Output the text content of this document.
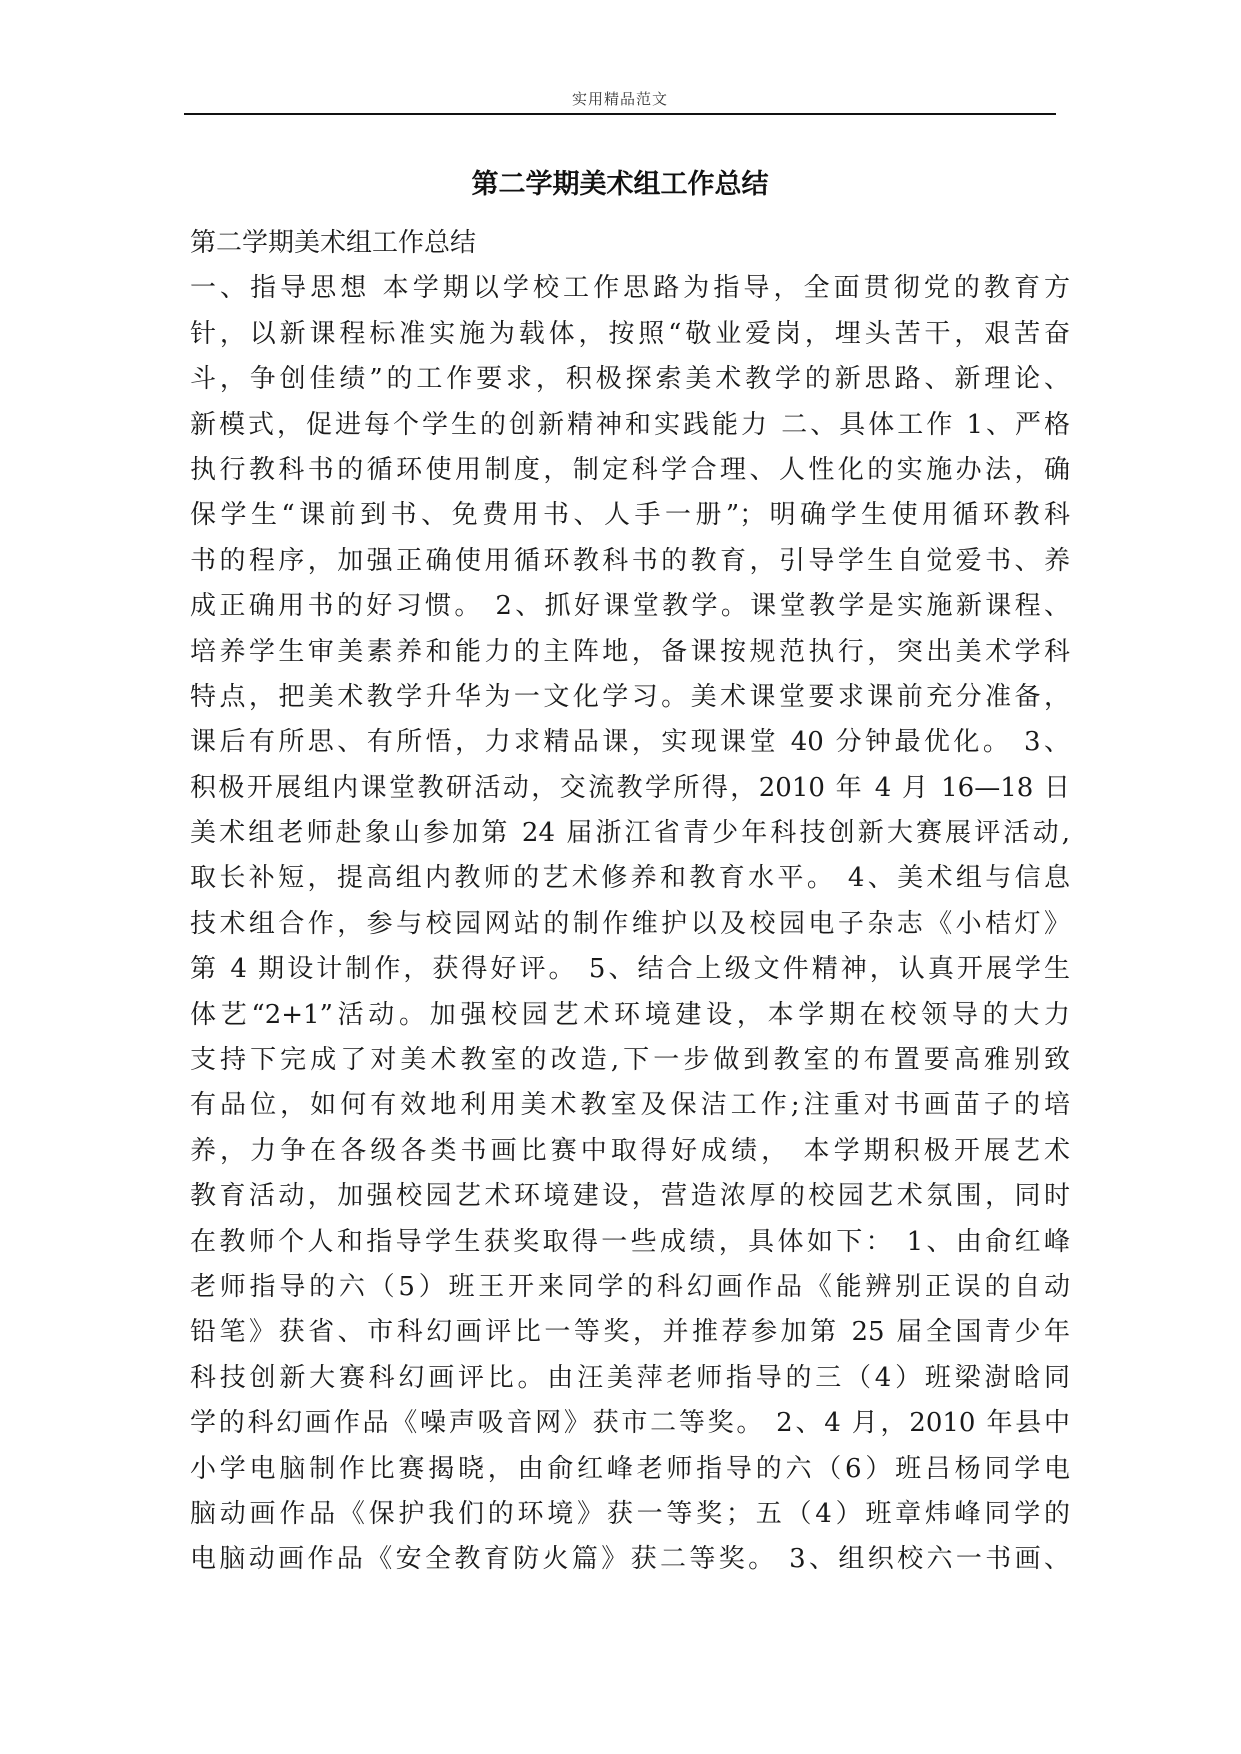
实用精品范文
第二学期美术组工作总结
第二学期美术组工作总结
一、指导思想 本学期以学校工作思路为指导，全面贯彻党的教育方
针，以新课程标准实施为载体，按照“敬业爱岗，埋头苦干，艰苦奋
斗，争创佳绩”的工作要求，积极探索美术教学的新思路、新理论、
新模式，促进每个学生的创新精神和实践能力 二、具体工作 1、严格
执行教科书的循环使用制度，制定科学合理、人性化的实施办法，确
保学生“课前到书、免费用书、人手一册”；明确学生使用循环教科
书的程序，加强正确使用循环教科书的教育，引导学生自觉爱书、养
成正确用书的好习惯。 2、抓好课堂教学。课堂教学是实施新课程、
培养学生审美素养和能力的主阵地，备课按规范执行，突出美术学科
特点，把美术教学升华为一文化学习。美术课堂要求课前充分准备，
课后有所思、有所悟，力求精品课，实现课堂 40 分钟最优化。 3、
积极开展组内课堂教研活动，交流教学所得，2010 年 4 月 16—18 日
美术组老师赴象山参加第 24 届浙江省青少年科技创新大赛展评活动,
取长补短，提高组内教师的艺术修养和教育水平。 4、美术组与信息
技术组合作，参与校园网站的制作维护以及校园电子杂志《小桔灯》
第 4 期设计制作，获得好评。 5、结合上级文件精神，认真开展学生
体艺“2+1”活动。加强校园艺术环境建设，本学期在校领导的大力
支持下完成了对美术教室的改造,下一步做到教室的布置要高雅别致
有品位，如何有效地利用美术教室及保洁工作;注重对书画苗子的培
养，力争在各级各类书画比赛中取得好成绩， 本学期积极开展艺术
教育活动，加强校园艺术环境建设，营造浓厚的校园艺术氛围，同时
在教师个人和指导学生获奖取得一些成绩，具体如下： 1、由俞红峰
老师指导的六（5）班王开来同学的科幻画作品《能辨别正误的自动
铅笔》获省、市科幻画评比一等奖，并推荐参加第 25 届全国青少年
科技创新大赛科幻画评比。由汪美萍老师指导的三（4）班梁澍晗同
学的科幻画作品《噪声吸音网》获市二等奖。 2、4 月，2010 年县中
小学电脑制作比赛揭晓，由俞红峰老师指导的六（6）班吕杨同学电
脑动画作品《保护我们的环境》获一等奖；五（4）班章炜峰同学的
电脑动画作品《安全教育防火篇》获二等奖。 3、组织校六一书画、
